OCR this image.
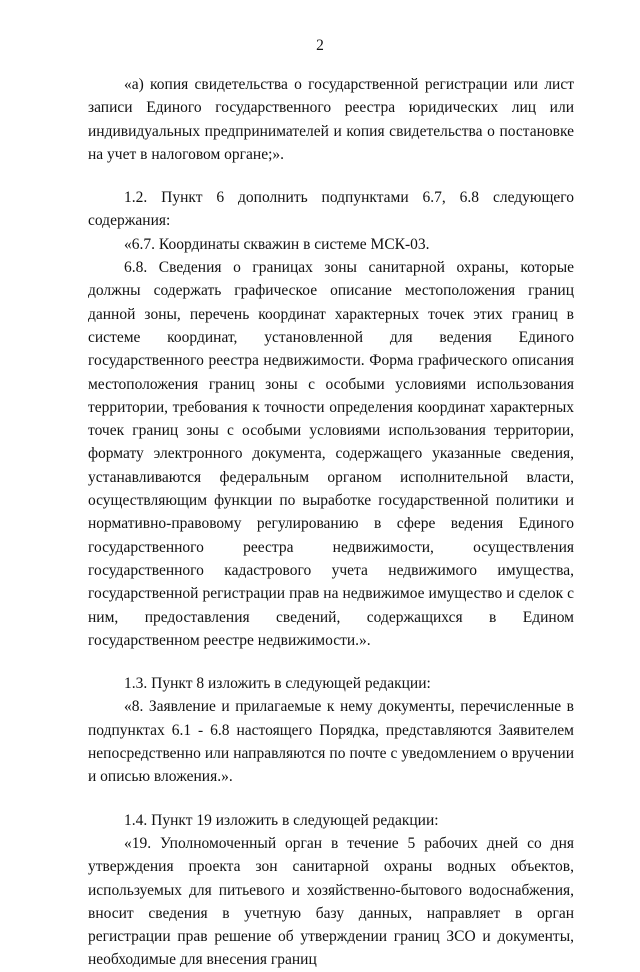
2

«а) копия свидетельства о государственной регистрации или лист записи Единого государственного реестра юридических лиц или индивидуальных предпринимателей и копия свидетельства о постановке на учет в налоговом органе;».

1.2. Пункт 6 дополнить подпунктами 6.7, 6.8 следующего содержания:

«6.7. Координаты скважин в системе МСК-03.

6.8. Сведения о границах зоны санитарной охраны, которые должны содержать графическое описание местоположения границ данной зоны, перечень координат характерных точек этих границ в системе координат, установленной для ведения Единого государственного реестра недвижимости. Форма графического описания местоположения границ зоны с особыми условиями использования территории, требования к точности определения координат характерных точек границ зоны с особыми условиями использования территории, формату электронного документа, содержащего указанные сведения, устанавливаются федеральным органом исполнительной власти, осуществляющим функции по выработке государственной политики и нормативно-правовому регулированию в сфере ведения Единого государственного реестра недвижимости, осуществления государственного кадастрового учета недвижимого имущества, государственной регистрации прав на недвижимое имущество и сделок с ним, предоставления сведений, содержащихся в Едином государственном реестре недвижимости.».

1.3. Пункт 8 изложить в следующей редакции:

«8. Заявление и прилагаемые к нему документы, перечисленные в подпунктах 6.1 - 6.8 настоящего Порядка, представляются Заявителем непосредственно или направляются по почте с уведомлением о вручении и описью вложения.».

1.4. Пункт 19 изложить в следующей редакции:

«19. Уполномоченный орган в течение 5 рабочих дней со дня утверждения проекта зон санитарной охраны водных объектов, используемых для питьевого и хозяйственно-бытового водоснабжения, вносит сведения в учетную базу данных, направляет в орган регистрации прав решение об утверждении границ ЗСО и документы, необходимые для внесения границ
